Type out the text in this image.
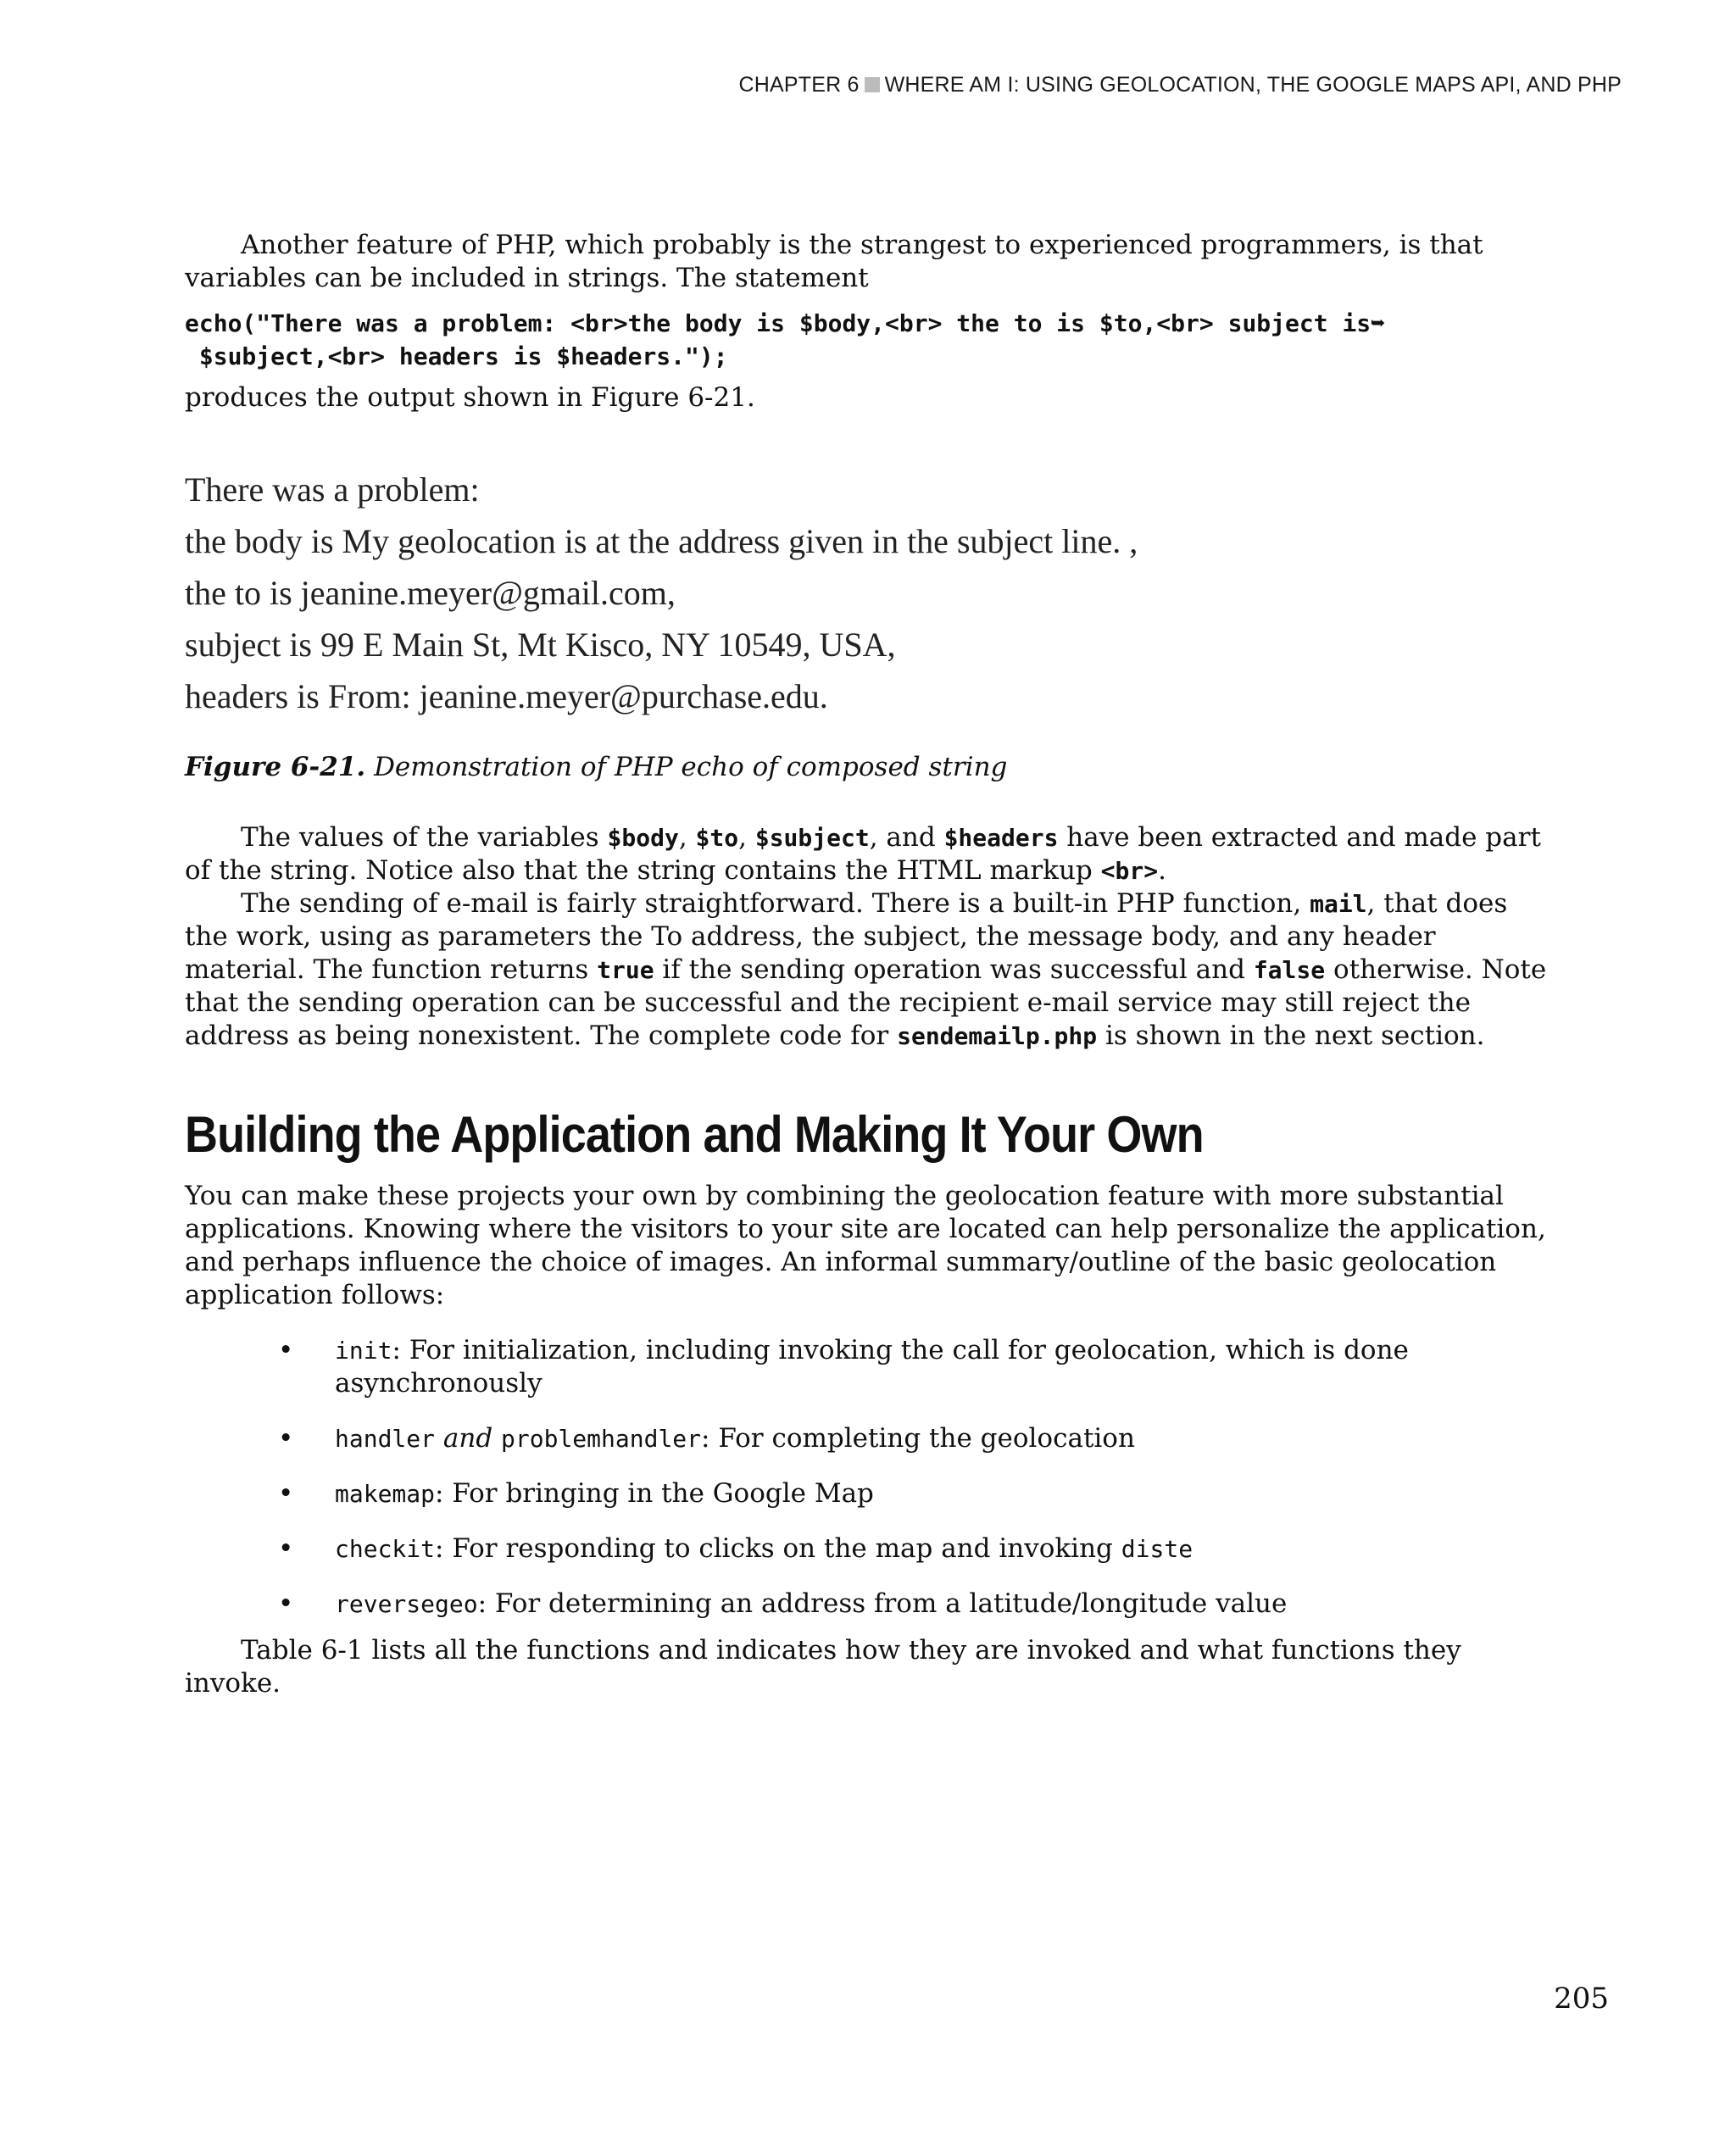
CHAPTER 6 WHERE AM I: USING GEOLOCATION, THE GOOGLE MAPS API, AND PHP

Another feature of PHP, which probably is the strangest to experienced programmers, is that variables can be included in strings. The statement

echo("There was a problem: <br>the body is $body,<br> the to is $to,<br> subject is➥
$subject,<br> headers is $headers.");

produces the output shown in Figure 6-21.

There was a problem:
the body is My geolocation is at the address given in the subject line. ,
the to is jeanine.meyer@gmail.com,
subject is 99 E Main St, Mt Kisco, NY 10549, USA,
headers is From: jeanine.meyer@purchase.edu.

Figure 6-21. Demonstration of PHP echo of composed string

The values of the variables $body, $to, $subject, and $headers have been extracted and made part of the string. Notice also that the string contains the HTML markup <br>.

The sending of e-mail is fairly straightforward. There is a built-in PHP function, mail, that does the work, using as parameters the To address, the subject, the message body, and any header material. The function returns true if the sending operation was successful and false otherwise. Note that the sending operation can be successful and the recipient e-mail service may still reject the address as being nonexistent. The complete code for sendemailp.php is shown in the next section.

Building the Application and Making It Your Own

You can make these projects your own by combining the geolocation feature with more substantial applications. Knowing where the visitors to your site are located can help personalize the application, and perhaps influence the choice of images. An informal summary/outline of the basic geolocation application follows:

• init: For initialization, including invoking the call for geolocation, which is done asynchronously
• handler and problemhandler: For completing the geolocation
• makemap: For bringing in the Google Map
• checkit: For responding to clicks on the map and invoking diste
• reversegeo: For determining an address from a latitude/longitude value

Table 6-1 lists all the functions and indicates how they are invoked and what functions they invoke.

205
